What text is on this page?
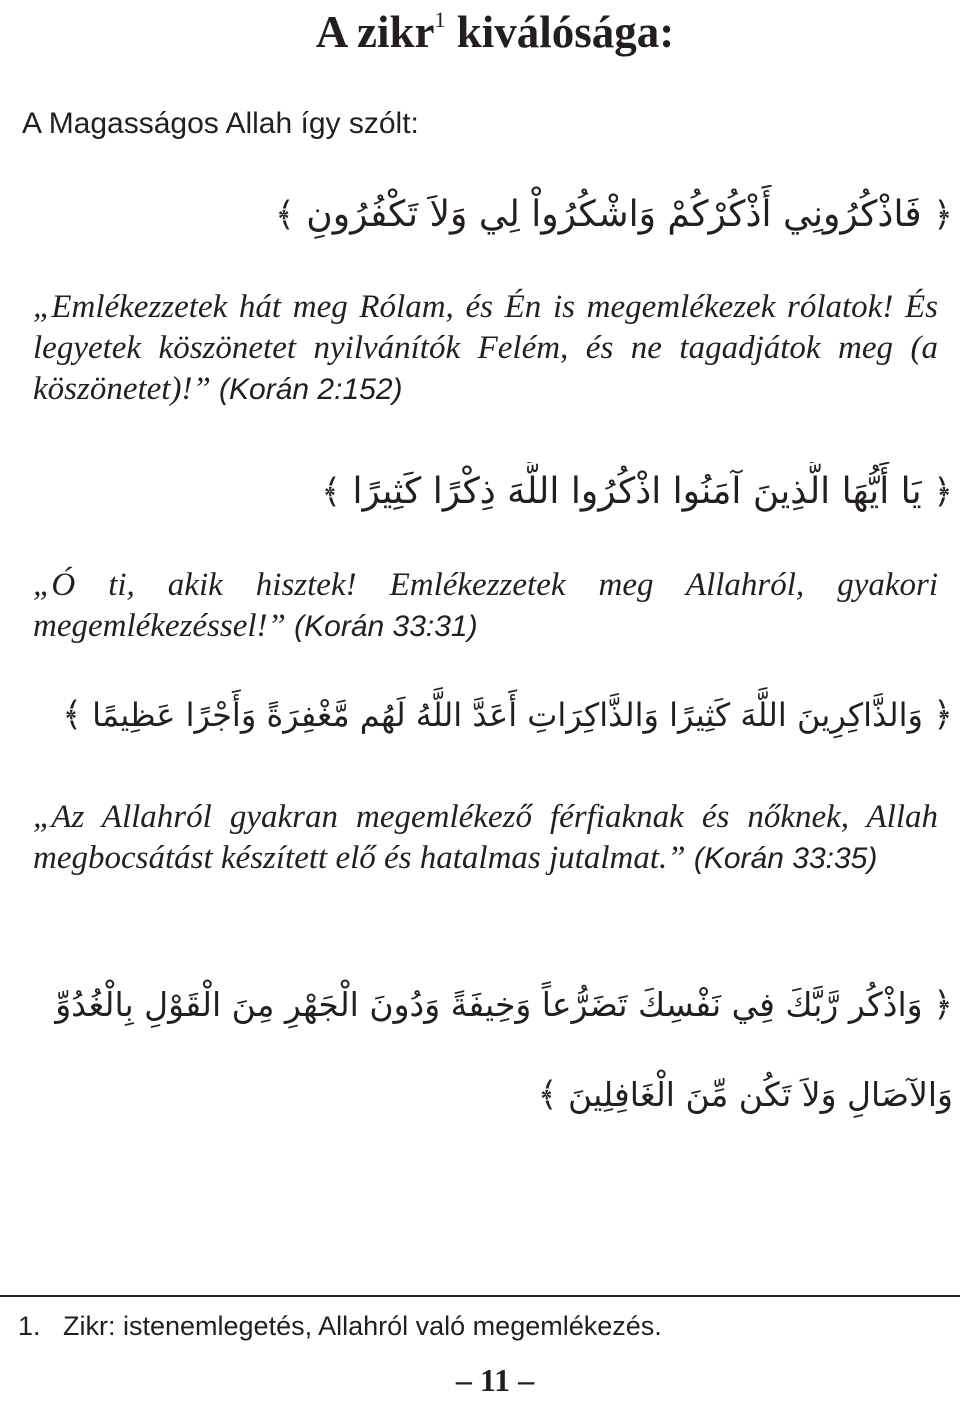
A zikr$^1$ kiválósága:
A Magasságos Allah így szólt:
﴿ فَاذْكُرُونِي أَذْكُرْكُمْ وَاشْكُرُواْ لِي وَلاَ تَكْفُرُونِ ﴾
„Emlékezzetek hát meg Rólam, és Én is megemlékezek rólatok! És legyetek köszönetet nyilvánítók Felém, és ne tagadjátok meg (a köszönetet)!” (Korán 2:152)
﴿ يَا أَيُّهَا الَّذِينَ آمَنُوا اذْكُرُوا اللَّهَ ذِكْرًا كَثِيرًا ﴾
„Ó ti, akik hisztek! Emlékezzetek meg Allahról, gyakori megemlékezéssel!” (Korán 33:31)
﴿ وَالذَّاكِرِينَ اللَّهَ كَثِيرًا وَالذَّاكِرَاتِ أَعَدَّ اللَّهُ لَهُم مَّغْفِرَةً وَأَجْرًا عَظِيمًا ﴾
„Az Allahról gyakran megemlékező férfiaknak és nőknek, Allah megbocsátást készített elő és hatalmas jutalmat.” (Korán 33:35)
﴿ وَاذْكُر رَّبَّكَ فِي نَفْسِكَ تَضَرُّعاً وَخِيفَةً وَدُونَ الْجَهْرِ مِنَ الْقَوْلِ بِالْغُدُوِّ
وَالآصَالِ وَلاَ تَكُن مِّنَ الْغَافِلِينَ ﴾
1. Zikr: istenemlegetés, Allahról való megemlékezés.
– 11 –
